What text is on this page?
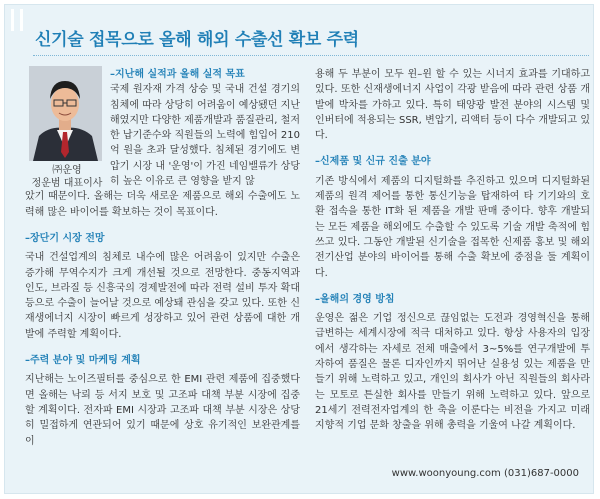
신기술 접목으로 올해 해외 수출선 확보 주력
㈜운영
정운범 대표이사

–지난해 실적과 올해 실적 목표

국제 원자재 가격 상승 및 국내 건설 경기의 침체에 따라 상당히 어려움이 예상됐던 지난해였지만 다양한 제품개발과 품질관리, 철저한 납기준수와 직원들의 노력에 힘입어 210억 원을 초과 달성했다. 침체된 경기에도 변압기 시장 내 '운영'이 가진 네임밸류가 상당히 높은 이유로 큰 영향을 받지 않

았기 때문이다. 올해는 더욱 새로운 제품으로 해외 수출에도 노력해 많은 바이어를 확보하는 것이 목표이다.

–장단기 시장 전망

국내 건설업계의 침체로 내수에 많은 어려움이 있지만 수출은 증가해 무역수지가 크게 개선될 것으로 전망한다. 중동지역과 인도, 브라질 등 신흥국의 경제발전에 따라 전력 설비 투자 확대 등으로 수출이 늘어날 것으로 예상돼 관심을 갖고 있다. 또한 신재생에너지 시장이 빠르게 성장하고 있어 관련 상품에 대한 개발에 주력할 계획이다.

–주력 분야 및 마케팅 계획

지난해는 노이즈필터를 중심으로 한 EMI 관련 제품에 집중했다면 올해는 낙뢰 등 서지 보호 및 고조파 대책 부분 시장에 집중할 계획이다. 전자파 EMI 시장과 고조파 대책 부분 시장은 상당히 밀접하게 연관되어 있기 때문에 상호 유기적인 보완관계를 이

용해 두 부분이 모두 윈–윈 할 수 있는 시너지 효과를 기대하고 있다. 또한 신재생에너지 사업이 각광 받음에 따라 관련 상품 개발에 박차를 가하고 있다. 특히 태양광 발전 분야의 시스템 및 인버터에 적용되는 SSR, 변압기, 리액터 등이 다수 개발되고 있다.

–신제품 및 신규 진출 분야

기존 방식에서 제품의 디지털화를 추진하고 있으며 디지털화된 제품의 원격 제어를 통한 통신기능을 탑재하여 타 기기와의 호환 접속을 통한 IT화 된 제품을 개발 판매 중이다. 향후 개발되는 모든 제품을 해외에도 수출할 수 있도록 기술 개발 축적에 힘쓰고 있다. 그동안 개발된 신기술을 접목한 신제품 홍보 및 해외 전기산업 분야의 바이어를 통해 수출 확보에 중점을 둘 계획이다.

–올해의 경영 방침

운영은 젊은 기업 정신으로 끊임없는 도전과 경영혁신을 통해 급변하는 세계시장에 적극 대처하고 있다. 항상 사용자의 입장에서 생각하는 자세로 전체 매출에서 3~5%를 연구개발에 투자하여 품질은 물론 디자인까지 뛰어난 실용성 있는 제품을 만들기 위해 노력하고 있고, 개인의 회사가 아닌 직원들의 회사라는 모토로 튼실한 회사를 만들기 위해 노력하고 있다. 앞으로 21세기 전력전자업계의 한 축을 이룬다는 비전을 가지고 미래 지향적 기업 문화 창출을 위해 총력을 기울여 나갈 계획이다.

www.woonyoung.com (031)687-0000
